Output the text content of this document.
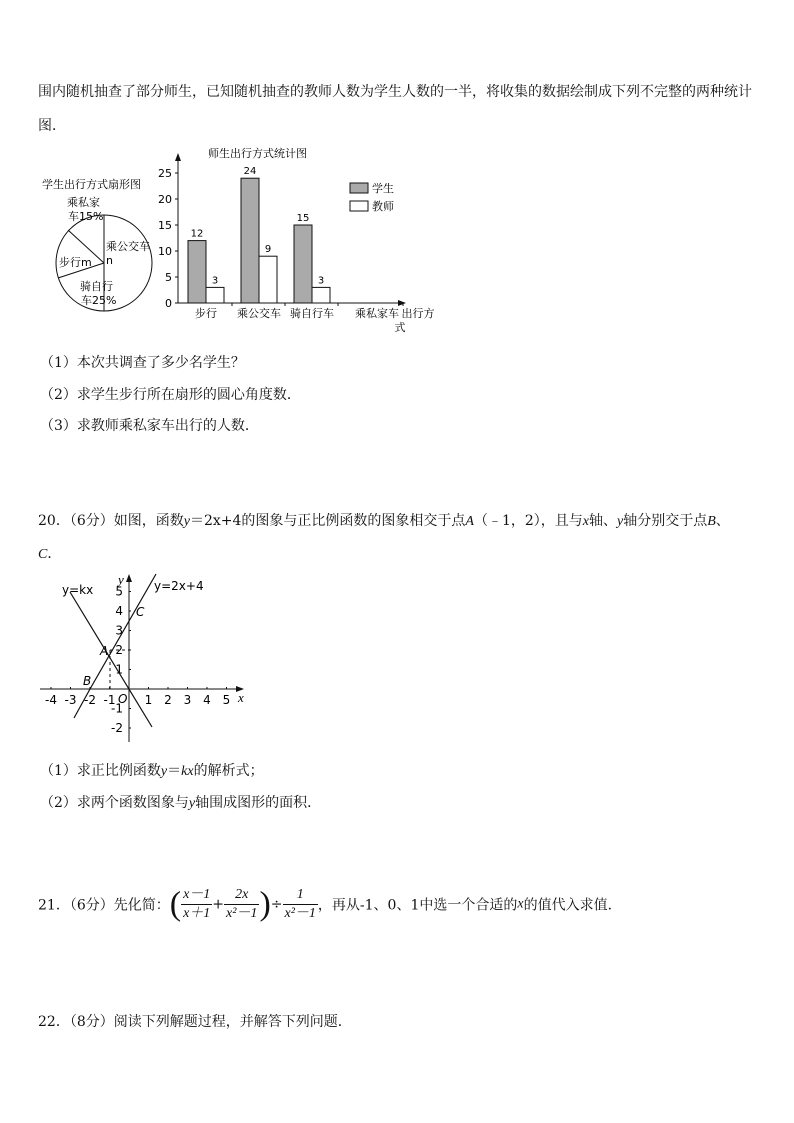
围内随机抽查了部分师生，已知随机抽查的教师人数为学生人数的一半，将收集的数据绘制成下列不完整的两种统计
图．
学生出行方式扇形图
乘私家
车15%
乘公交车
n
步行m
骑自行
车25%
师生出行方式统计图
0
5
10
15
20
25
步行 乘公交车 骑自行车 乘私家车 出行方
式
12
3
24
9
15
3
学生
教师
（1）本次共调查了多少名学生？
（2）求学生步行所在扇形的圆心角度数．
（3）求教师乘私家车出行的人数．
20．（6分）如图，函数y＝2x+4的图象与正比例函数的图象相交于点A（﹣1，2），且与x轴、y轴分别交于点B、
C．
x
y
-4 -3 -2 -1 1 2 3 4 5
5
4
3
2
1
-1
-2
A
B
C
O
y=kx	y=2x+4
（1）求正比例函数y＝kx的解析式；
（2）求两个函数图象与y轴围成图形的面积．
21．（6分）先化简：( $\frac{x-1}{x+1} + \frac{2x}{\text{x²－1}}$ )÷ $\frac{1}{\text{x²－1}}$ ，再从-1、0、1中选一个合适的x的值代入求值．
22．（8分）阅读下列解题过程，并解答下列问题．
